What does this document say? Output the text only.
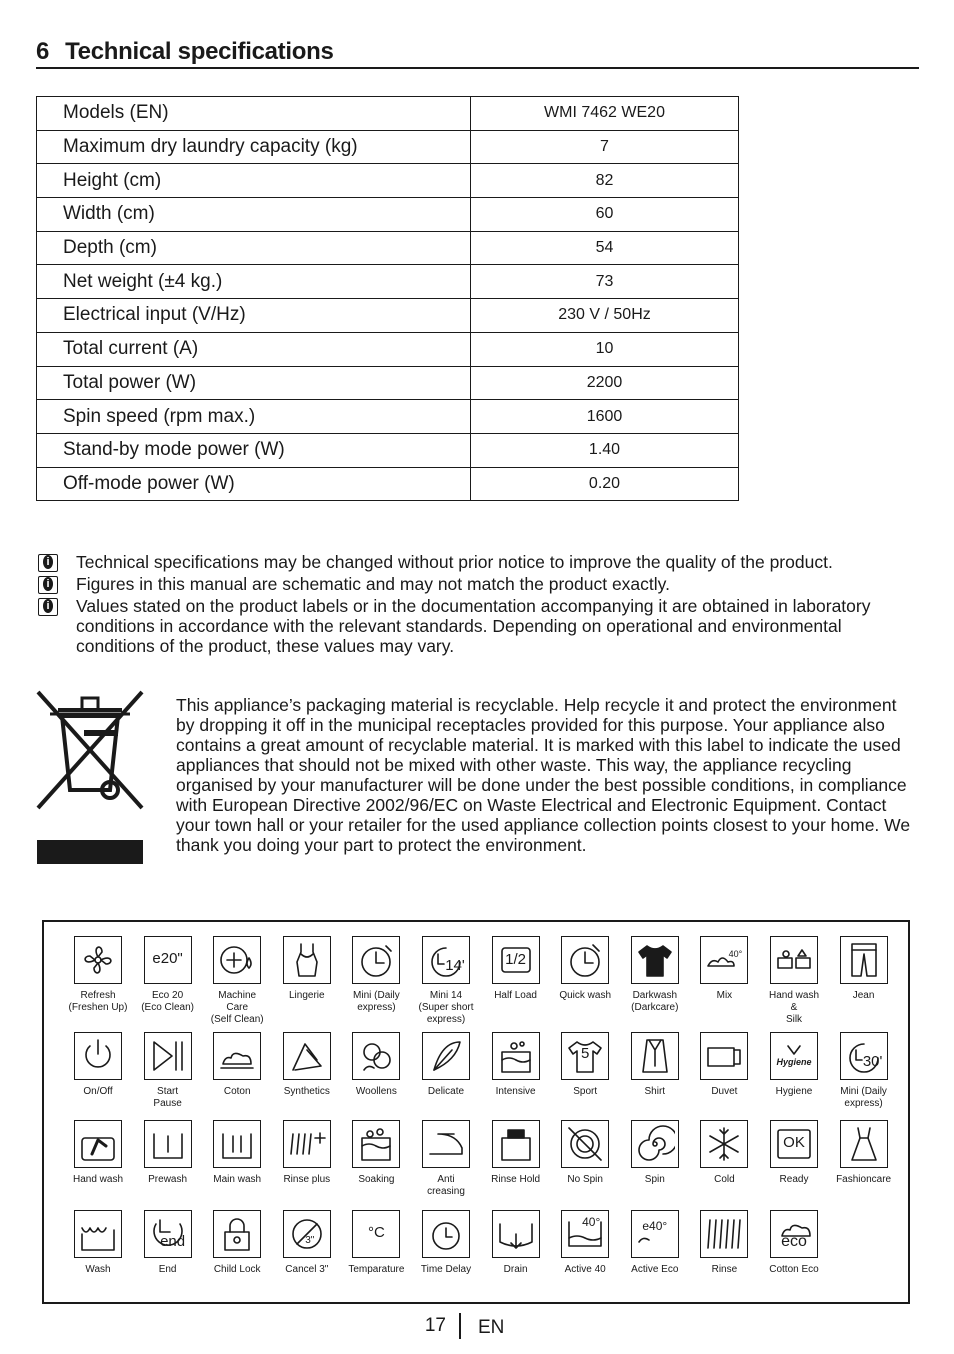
6 Technical specifications
Models (EN)	WMI 7462 WE20
Maximum dry laundry capacity (kg)	7
Height (cm)	82
Width (cm)	60
Depth (cm)	54
Net weight (±4 kg.)	73
Electrical input (V/Hz)	230 V / 50Hz
Total current (A)	10
Total power (W)	2200
Spin speed (rpm max.)	1600
Stand-by mode power (W)	1.40
Off-mode power (W)	0.20
i
Technical specifications may be changed without prior notice to improve the quality of the product.
i
Figures in this manual are schematic and may not match the product exactly.
i
Values stated on the product labels or in the documentation accompanying it are obtained in laboratory conditions in accordance with the relevant standards. Depending on operational and environmental conditions of the product, these values may vary.
This appliance’s packaging material is recyclable. Help recycle it and protect the environment by dropping it off in the municipal receptacles provided for this purpose. Your appliance also contains a great amount of recyclable material. It is marked with this label to indicate the used appliances that should not be mixed with other waste. This way, the appliance recycling organised by your manufacturer will be done under the best possible conditions, in compliance with European Directive 2002/96/EC on Waste Electrical and Electronic Equipment. Contact your town hall or your retailer for the used appliance collection points closest to your home. We thank you doing your part to protect the environment.
Refresh
(Freshen Up)
e20"
Eco 20
(Eco Clean)
Machine
Care
(Self Clean)
Lingerie	Mini (Daily
express)
14'
Mini 14
(Super short
express)
1/2
Half Load	Quick wash	Darkwash
(Darkcare)
40°
Mix	Hand wash
&
Silk
Jean
On/Off	Start
Pause
Coton	Synthetics	Woollens	Delicate	Intensive
5
Sport	Shirt	Duvet
Hygiene
Hygiene
30'
Mini (Daily
express)
Hand wash	Prewash	Main wash	Rinse plus	Soaking	Anti
creasing
Rinse Hold	No Spin	Spin	Cold
OK
Ready	Fashioncare
Wash
end
End	Child Lock
3"
Cancel 3"
°C
Temparature	Time Delay	Drain
40°
Active 40
e40°
Active Eco	Rinse
eco
Cotton Eco
17 EN
